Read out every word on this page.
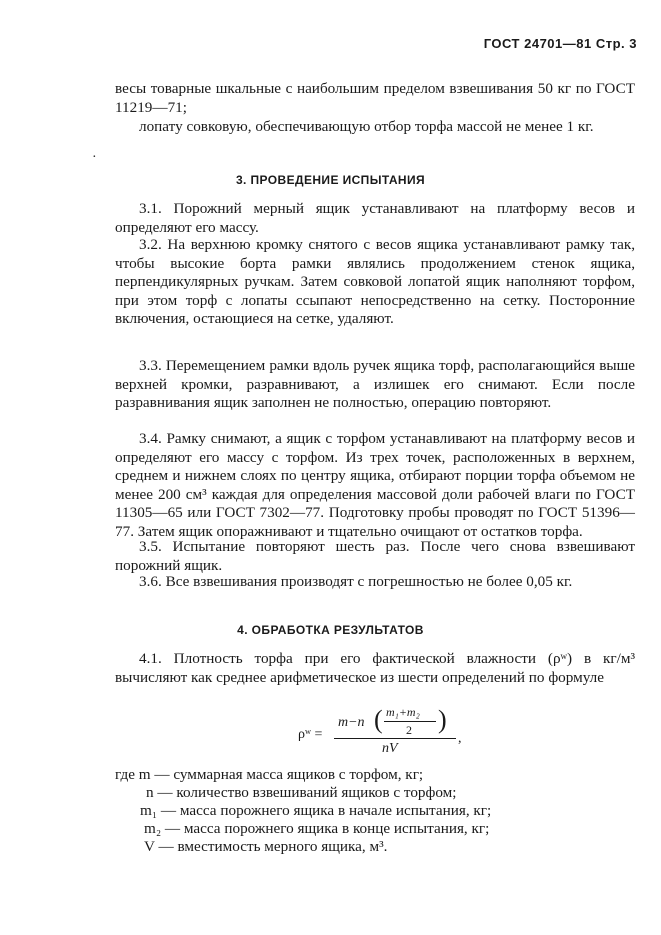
ГОСТ 24701—81 Стр. 3

весы товарные шкальные с наибольшим пределом взвешивания 50 кг по ГОСТ 11219—71;

лопату совковую, обеспечивающую отбор торфа массой не менее 1 кг.

·
3. ПРОВЕДЕНИЕ ИСПЫТАНИЯ

3.1. Порожний мерный ящик устанавливают на платформу весов и определяют его массу.

3.2. На верхнюю кромку снятого с весов ящика устанавливают рамку так, чтобы высокие борта рамки являлись продолжением стенок ящика, перпендикулярных ручкам. Затем совковой лопатой ящик наполняют торфом, при этом торф с лопаты ссыпают непосредственно на сетку. Посторонние включения, остающиеся на сетке, удаляют.

3.3. Перемещением рамки вдоль ручек ящика торф, располагающийся выше верхней кромки, разравнивают, а излишек его снимают. Если после разравнивания ящик заполнен не полностью, операцию повторяют.

3.4. Рамку снимают, а ящик с торфом устанавливают на платформу весов и определяют его массу с торфом. Из трех точек, расположенных в верхнем, среднем и нижнем слоях по центру ящика, отбирают порции торфа объемом не менее 200 см³ каждая для определения массовой доли рабочей влаги по ГОСТ 11305—65 или ГОСТ 7302—77. Подготовку пробы проводят по ГОСТ 51396—77. Затем ящик опоражнивают и тщательно очищают от остатков торфа.

3.5. Испытание повторяют шесть раз. После чего снова взвешивают порожний ящик.

3.6. Все взвешивания производят с погрешностью не более 0,05 кг.

4. ОБРАБОТКА РЕЗУЛЬТАТОВ

4.1. Плотность торфа при его фактической влажности (ρʷ) в кг/м³ вычисляют как среднее арифметическое из шести определений по формуле

ρʷ =
m−n ( m₁+m₂
2 )
,
nV

где m — суммарная масса ящиков с торфом, кг;

n — количество взвешиваний ящиков с торфом;

m₁ — масса порожнего ящика в начале испытания, кг;

m₂ — масса порожнего ящика в конце испытания, кг;

V — вместимость мерного ящика, м³.
